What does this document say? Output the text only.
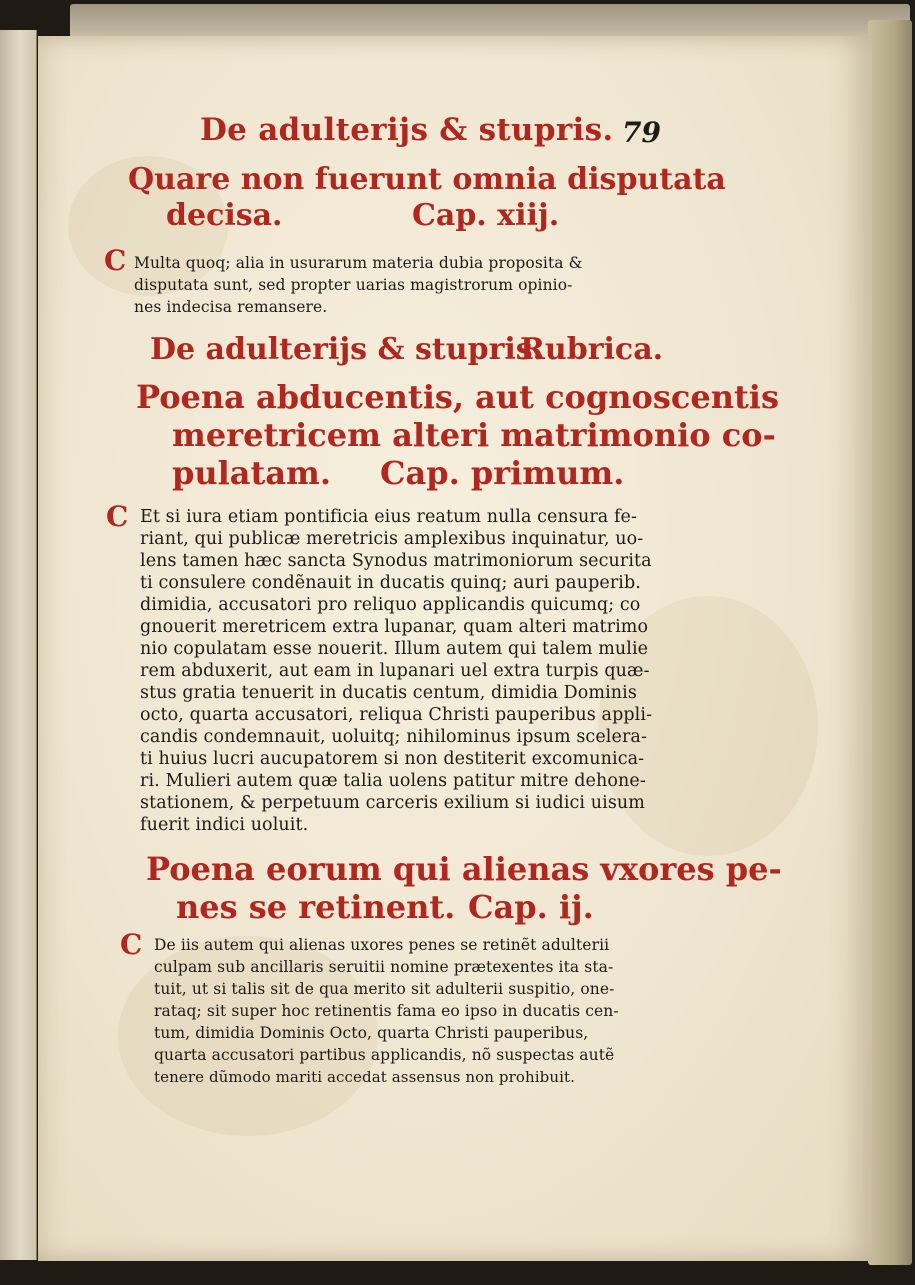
De adulterijs & stupris. 79
Quare non fuerunt omnia disputata
decisa.	Cap. xiij.
C Multa quoq; alia in usurarum materia dubia proposita &
disputata sunt, sed propter uarias magistrorum opinio-
nes indecisa remansere.
De adulterijs & stupris.
Rubrica.
Poena abducentis, aut cognoscentis
meretricem alteri matrimonio co-
pulatam. Cap. primum.
C Et si iura etiam pontificia eius reatum nulla censura fe-
riant, qui publicæ meretricis amplexibus inquinatur, uo-
lens tamen hæc sancta Synodus matrimoniorum securita
ti consulere condẽnauit in ducatis quinq; auri pauperib.
dimidia, accusatori pro reliquo applicandis quicumq; co
gnouerit meretricem extra lupanar, quam alteri matrimo
nio copulatam esse nouerit. Illum autem qui talem mulie
rem abduxerit, aut eam in lupanari uel extra turpis quæ-
stus gratia tenuerit in ducatis centum, dimidia Dominis
octo, quarta accusatori, reliqua Christi pauperibus appli-
candis condemnauit, uoluitq; nihilominus ipsum scelera-
ti huius lucri aucupatorem si non destiterit excomunica-
ri. Mulieri autem quæ talia uolens patitur mitre dehone-
stationem, & perpetuum carceris exilium si iudici uisum
fuerit indici uoluit.
Poena eorum qui alienas vxores pe-
nes se retinent. Cap. ij.
C De iis autem qui alienas uxores penes se retinẽt adulterii
culpam sub ancillaris seruitii nomine prætexentes ita sta-
tuit, ut si talis sit de qua merito sit adulterii suspitio, one-
rataq; sit super hoc retinentis fama eo ipso in ducatis cen-
tum, dimidia Dominis Octo, quarta Christi pauperibus,
quarta accusatori partibus applicandis, nõ suspectas autẽ
tenere dũmodo mariti accedat assensus non prohibuit.
